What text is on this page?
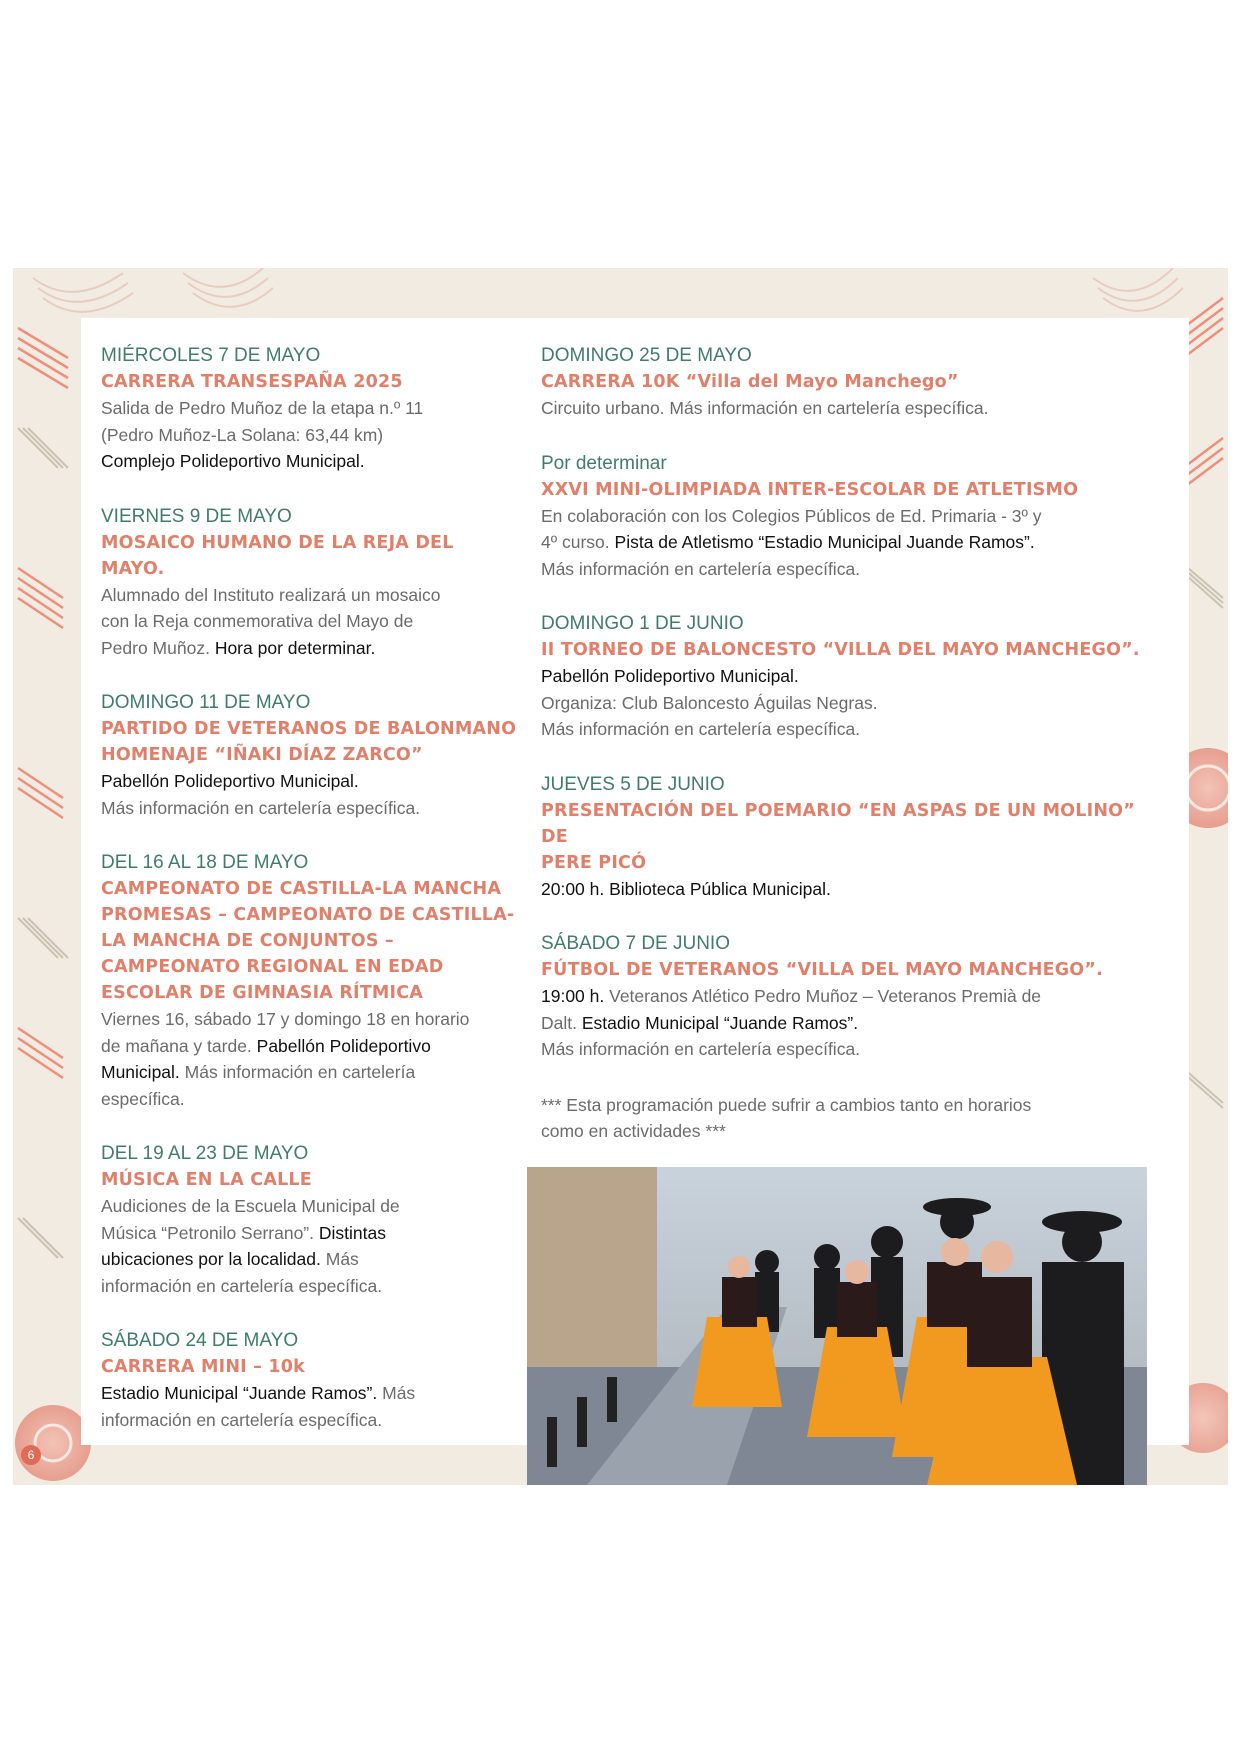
MIÉRCOLES 7 DE MAYO
CARRERA TRANSESPAÑA 2025
Salida de Pedro Muñoz de la etapa n.º 11
(Pedro Muñoz-La Solana: 63,44 km)
Complejo Polideportivo Municipal.
VIERNES 9 DE MAYO
MOSAICO HUMANO DE LA REJA DEL MAYO.
Alumnado del Instituto realizará un mosaico
con la Reja conmemorativa del Mayo de
Pedro Muñoz. Hora por determinar.
DOMINGO 11 DE MAYO
PARTIDO DE VETERANOS DE BALONMANO
HOMENAJE “IÑAKI DÍAZ ZARCO”
Pabellón Polideportivo Municipal.
Más información en cartelería específica.
DEL 16 AL 18 DE MAYO
CAMPEONATO DE CASTILLA-LA MANCHA
PROMESAS – CAMPEONATO DE CASTILLA-
LA MANCHA DE CONJUNTOS –
CAMPEONATO REGIONAL EN EDAD
ESCOLAR DE GIMNASIA RÍTMICA
Viernes 16, sábado 17 y domingo 18 en horario
de mañana y tarde. Pabellón Polideportivo
Municipal. Más información en cartelería
específica.
DEL 19 AL 23 DE MAYO
MÚSICA EN LA CALLE
Audiciones de la Escuela Municipal de
Música “Petronilo Serrano”. Distintas
ubicaciones por la localidad. Más
información en cartelería específica.
SÁBADO 24 DE MAYO
CARRERA MINI – 10k
Estadio Municipal “Juande Ramos”. Más
información en cartelería específica.
DOMINGO 25 DE MAYO
CARRERA 10K “Villa del Mayo Manchego”
Circuito urbano. Más información en cartelería específica.
Por determinar
XXVI MINI-OLIMPIADA INTER-ESCOLAR DE ATLETISMO
En colaboración con los Colegios Públicos de Ed. Primaria - 3º y
4º curso. Pista de Atletismo “Estadio Municipal Juande Ramos”.
Más información en cartelería específica.
DOMINGO 1 DE JUNIO
II TORNEO DE BALONCESTO “VILLA DEL MAYO MANCHEGO”.
Pabellón Polideportivo Municipal.
Organiza: Club Baloncesto Águilas Negras.
Más información en cartelería específica.
JUEVES 5 DE JUNIO
PRESENTACIÓN DEL POEMARIO “EN ASPAS DE UN MOLINO” DE
PERE PICÓ
20:00 h. Biblioteca Pública Municipal.
SÁBADO 7 DE JUNIO
FÚTBOL DE VETERANOS “VILLA DEL MAYO MANCHEGO”.
19:00 h. Veteranos Atlético Pedro Muñoz – Veteranos Premià de
Dalt. Estadio Municipal “Juande Ramos”.
Más información en cartelería específica.
*** Esta programación puede sufrir a cambios tanto en horarios
como en actividades ***
6
